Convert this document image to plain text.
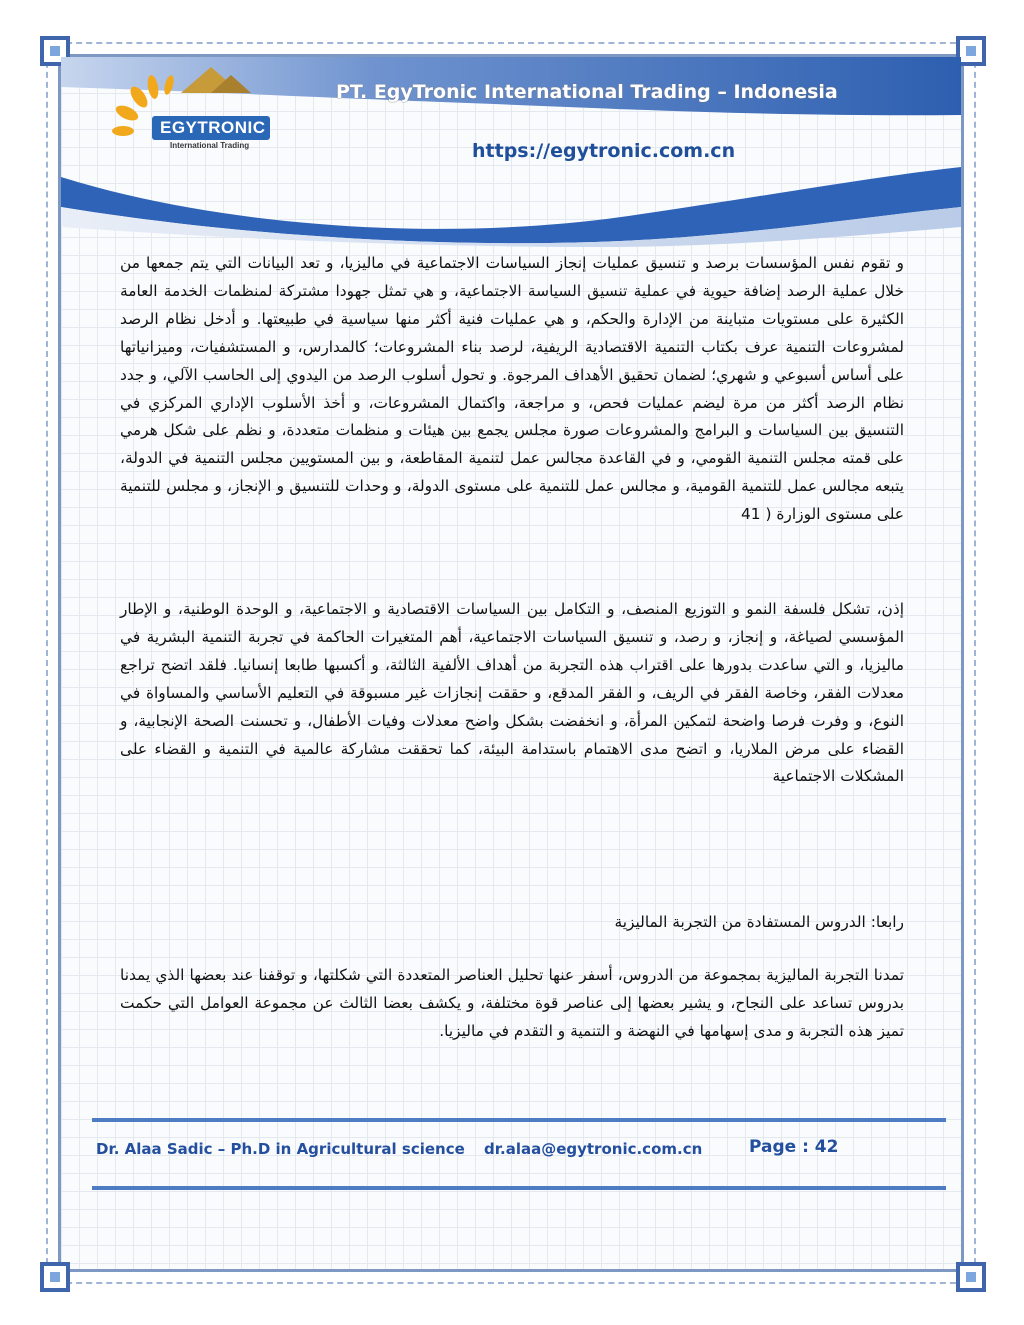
EGYTRONIC
International Trading
PT. EgyTronic International Trading – Indonesia
https://egytronic.com.cn

و تقوم نفس المؤسسات برصد و تنسيق عمليات إنجاز السياسات الاجتماعية في ماليزيا، و تعد البيانات التي يتم جمعها من خلال عملية الرصد إضافة حيوية في عملية تنسيق السياسة الاجتماعية، و هي تمثل جهودا مشتركة لمنظمات الخدمة العامة الكثيرة على مستويات متباينة من الإدارة والحكم، و هي عمليات فنية أكثر منها سياسية في طبيعتها. و أدخل نظام الرصد لمشروعات التنمية عرف بكتاب التنمية الاقتصادية الريفية، لرصد بناء المشروعات؛ كالمدارس، و المستشفيات، وميزانياتها على أساس أسبوعي و شهري؛ لضمان تحقيق الأهداف المرجوة. و تحول أسلوب الرصد من اليدوي إلى الحاسب الآلي، و جدد نظام الرصد أكثر من مرة ليضم عمليات فحص، و مراجعة، واكتمال المشروعات، و أخذ الأسلوب الإداري المركزي في التنسيق بين السياسات و البرامج والمشروعات صورة مجلس يجمع بين هيئات و منظمات متعددة، و نظم على شكل هرمي على قمته مجلس التنمية القومي، و في القاعدة مجالس عمل لتنمية المقاطعة، و بين المستويين مجلس التنمية في الدولة، يتبعه مجالس عمل للتنمية القومية، و مجالس عمل للتنمية على مستوى الدولة، و وحدات للتنسيق و الإنجاز، و مجلس للتنمية على مستوى الوزارة ( 41

إذن، تشكل فلسفة النمو و التوزيع المنصف، و التكامل بين السياسات الاقتصادية و الاجتماعية، و الوحدة الوطنية، و الإطار المؤسسي لصياغة، و إنجاز، و رصد، و تنسيق السياسات الاجتماعية، أهم المتغيرات الحاكمة في تجربة التنمية البشرية في ماليزيا، و التي ساعدت بدورها على اقتراب هذه التجربة من أهداف الألفية الثالثة، و أكسبها طابعا إنسانيا. فلقد اتضح تراجع معدلات الفقر، وخاصة الفقر في الريف، و الفقر المدقع، و حققت إنجازات غير مسبوقة في التعليم الأساسي والمساواة في النوع، و وفرت فرصا واضحة لتمكين المرأة، و انخفضت بشكل واضح معدلات وفيات الأطفال، و تحسنت الصحة الإنجابية، و القضاء على مرض الملاريا، و اتضح مدى الاهتمام باستدامة البيئة، كما تحققت مشاركة عالمية في التنمية و القضاء على المشكلات الاجتماعية

رابعا: الدروس المستفادة من التجربة الماليزية

تمدنا التجربة الماليزية بمجموعة من الدروس، أسفر عنها تحليل العناصر المتعددة التي شكلتها، و توقفنا عند بعضها الذي يمدنا بدروس تساعد على النجاح، و يشير بعضها إلى عناصر قوة مختلفة، و يكشف بعضا الثالث عن مجموعة العوامل التي حكمت تميز هذه التجربة و مدى إسهامها في النهضة و التنمية و التقدم في ماليزيا.

Dr. Alaa Sadic – Ph.D in Agricultural science dr.alaa@egytronic.com.cn	Page : 42
